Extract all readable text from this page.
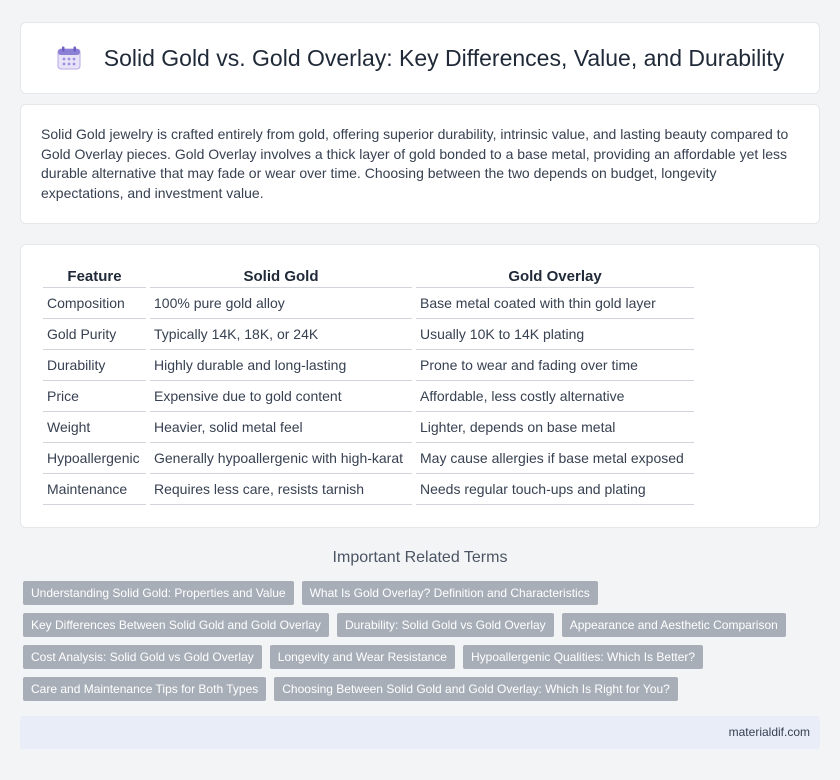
Solid Gold vs. Gold Overlay: Key Differences, Value, and Durability

Solid Gold jewelry is crafted entirely from gold, offering superior durability, intrinsic value, and lasting beauty compared to Gold Overlay pieces. Gold Overlay involves a thick layer of gold bonded to a base metal, providing an affordable yet less durable alternative that may fade or wear over time. Choosing between the two depends on budget, longevity expectations, and investment value.

Feature	Solid Gold	Gold Overlay
Composition	100% pure gold alloy	Base metal coated with thin gold layer
Gold Purity	Typically 14K, 18K, or 24K	Usually 10K to 14K plating
Durability	Highly durable and long-lasting	Prone to wear and fading over time
Price	Expensive due to gold content	Affordable, less costly alternative
Weight	Heavier, solid metal feel	Lighter, depends on base metal
Hypoallergenic	Generally hypoallergenic with high-karat	May cause allergies if base metal exposed
Maintenance	Requires less care, resists tarnish	Needs regular touch-ups and plating
Important Related Terms
Understanding Solid Gold: Properties and Value	What Is Gold Overlay? Definition and Characteristics
Key Differences Between Solid Gold and Gold Overlay	Durability: Solid Gold vs Gold Overlay	Appearance and Aesthetic Comparison
Cost Analysis: Solid Gold vs Gold Overlay	Longevity and Wear Resistance	Hypoallergenic Qualities: Which Is Better?
Care and Maintenance Tips for Both Types	Choosing Between Solid Gold and Gold Overlay: Which Is Right for You?
materialdif.com
